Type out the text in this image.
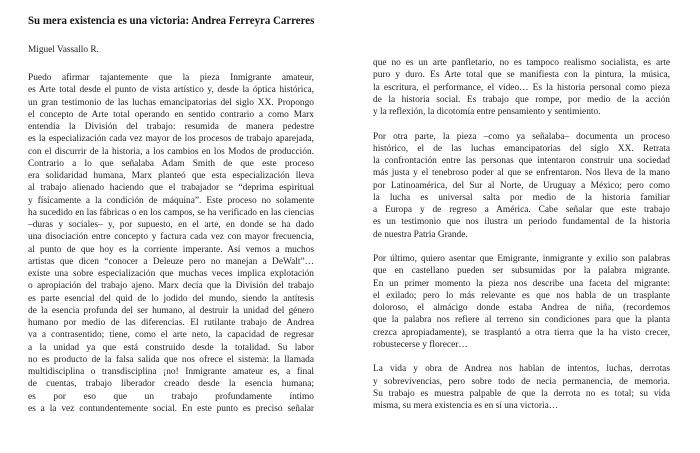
Su mera existencia es una victoria: Andrea Ferreyra Carreres
Miguel Vassallo R.
Puedo afirmar tajantemente que la pieza Inmigrante amateur,
es Arte total desde el punto de vista artístico y, desde la óptica histórica,
un gran testimonio de las luchas emancipatorias del siglo XX. Propongo
el concepto de Arte total operando en sentido contrario a como Marx
entendía la División del trabajo: resumida de manera pedestre
es la especialización cada vez mayor de los procesos de trabajo aparejada,
con el discurrir de la historia, a los cambios en los Modos de producción.
Contrario a lo que señalaba Adam Smith de que este proceso
era solidaridad humana, Marx planteó que esta especialización lleva
al trabajo alienado haciendo que el trabajador se “deprima espiritual
y físicamente a la condición de máquina”. Este proceso no solamente
ha sucedido en las fábricas o en los campos, se ha verificado en las ciencias
–duras y sociales– y, por supuesto, en el arte, en donde se ha dado
una disociación entre concepto y factura cada vez con mayor frecuencia,
al punto de que hoy es la corriente imperante. Así vemos a muchos
artistas que dicen “conocer a Deleuze pero no manejan a DeWalt”…
existe una sobre especialización que muchas veces implica explotación
o apropiación del trabajo ajeno. Marx decía que la División del trabajo
es parte esencial del quid de lo jodido del mundo, siendo la antítesis
de la esencia profunda del ser humano, al destruir la unidad del género
humano por medio de las diferencias. El rutilante trabajo de Andrea
va a contrasentido; tiene, como el arte neto, la capacidad de regresar
a la unidad ya que está construido desde la totalidad. Su labor
no es producto de la falsa salida que nos ofrece el sistema: la llamada
multidisciplina o transdisciplina ¡no! Inmigrante amateur es, a final
de cuentas, trabajo liberador creado desde la esencia humana;
es por eso que un trabajo profundamente íntimo
es a la vez contundentemente social. En este punto es preciso señalar
que no es un arte panfletario, no es tampoco realismo socialista, es arte
puro y duro. Es Arte total que se manifiesta con la pintura, la música,
la escritura, el performance, el video… Es la historia personal como pieza
de la historia social. Es trabajo que rompe, por medio de la acción
y la reflexión, la dicotomía entre pensamiento y sentimiento.
Por otra parte, la pieza –como ya señalaba– documenta un proceso
histórico, el de las luchas emancipatorias del siglo XX. Retrata
la confrontación entre las personas que intentaron construir una sociedad
más justa y el tenebroso poder al que se enfrentaron. Nos lleva de la mano
por Latinoamérica, del Sur al Norte, de Uruguay a México; pero como
la lucha es universal salta por medio de la historia familiar
a Europa y de regreso a América. Cabe señalar que este trabajo
es un testimonio que nos ilustra un periodo fundamental de la historia
de nuestra Patria Grande.
Por último, quiero asentar que Emigrante, inmigrante y exilio son palabras
que en castellano pueden ser subsumidas por la palabra migrante.
En un primer momento la pieza nos describe una faceta del migrante:
el exilado; pero lo más relevante es que nos habla de un trasplante
doloroso, el almácigo donde estaba Andrea de niña, (recordemos
que la palabra nos refiere al terreno sin condiciones para que la planta
crezca apropiadamente), se trasplantó a otra tierra que la ha visto crecer,
robustecerse y florecer…
La vida y obra de Andrea nos hablan de intentos, luchas, derrotas
y sobrevivencias, pero sobre todo de necia permanencia, de memoria.
Su trabajo es muestra palpable de que la derrota no es total; su vida
misma, su mera existencia es en sí una victoria…
